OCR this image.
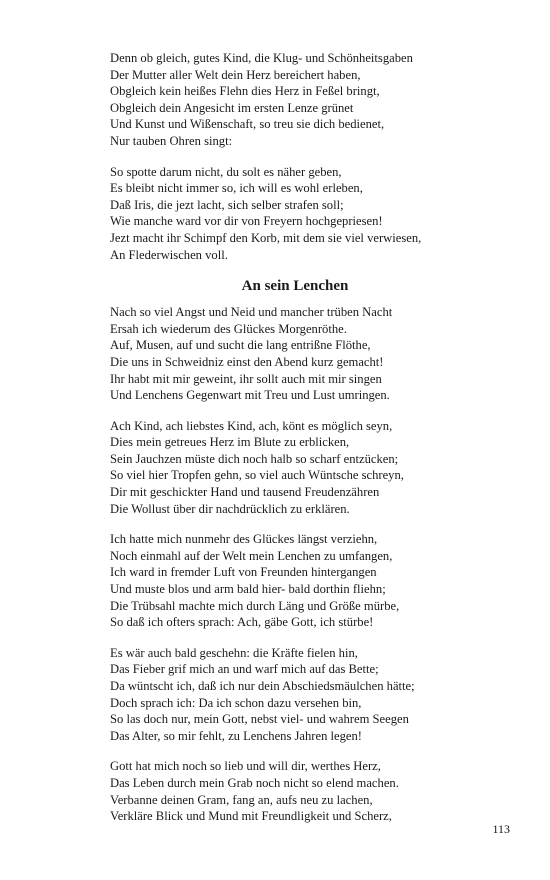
Denn ob gleich, gutes Kind, die Klug- und Schönheitsgaben
Der Mutter aller Welt dein Herz bereichert haben,
Obgleich kein heißes Flehn dies Herz in Feßel bringt,
Obgleich dein Angesicht im ersten Lenze grünet
Und Kunst und Wißenschaft, so treu sie dich bedienet,
Nur tauben Ohren singt:
So spotte darum nicht, du solt es näher geben,
Es bleibt nicht immer so, ich will es wohl erleben,
Daß Iris, die jezt lacht, sich selber strafen soll;
Wie manche ward vor dir von Freyern hochgepriesen!
Jezt macht ihr Schimpf den Korb, mit dem sie viel verwiesen,
An Flederwischen voll.
An sein Lenchen
Nach so viel Angst und Neid und mancher trüben Nacht
Ersah ich wiederum des Glückes Morgenröthe.
Auf, Musen, auf und sucht die lang entrißne Flöthe,
Die uns in Schweidniz einst den Abend kurz gemacht!
Ihr habt mit mir geweint, ihr sollt auch mit mir singen
Und Lenchens Gegenwart mit Treu und Lust umringen.
Ach Kind, ach liebstes Kind, ach, könt es möglich seyn,
Dies mein getreues Herz im Blute zu erblicken,
Sein Jauchzen müste dich noch halb so scharf entzücken;
So viel hier Tropfen gehn, so viel auch Wüntsche schreyn,
Dir mit geschickter Hand und tausend Freudenzähren
Die Wollust über dir nachdrücklich zu erklären.
Ich hatte mich nunmehr des Glückes längst verziehn,
Noch einmahl auf der Welt mein Lenchen zu umfangen,
Ich ward in fremder Luft von Freunden hintergangen
Und muste blos und arm bald hier- bald dorthin fliehn;
Die Trübsahl machte mich durch Läng und Größe mürbe,
So daß ich ofters sprach: Ach, gäbe Gott, ich stürbe!
Es wär auch bald geschehn: die Kräfte fielen hin,
Das Fieber grif mich an und warf mich auf das Bette;
Da wüntscht ich, daß ich nur dein Abschiedsmäulchen hätte;
Doch sprach ich: Da ich schon dazu versehen bin,
So las doch nur, mein Gott, nebst viel- und wahrem Seegen
Das Alter, so mir fehlt, zu Lenchens Jahren legen!
Gott hat mich noch so lieb und will dir, werthes Herz,
Das Leben durch mein Grab noch nicht so elend machen.
Verbanne deinen Gram, fang an, aufs neu zu lachen,
Verkläre Blick und Mund mit Freundligkeit und Scherz,
113
